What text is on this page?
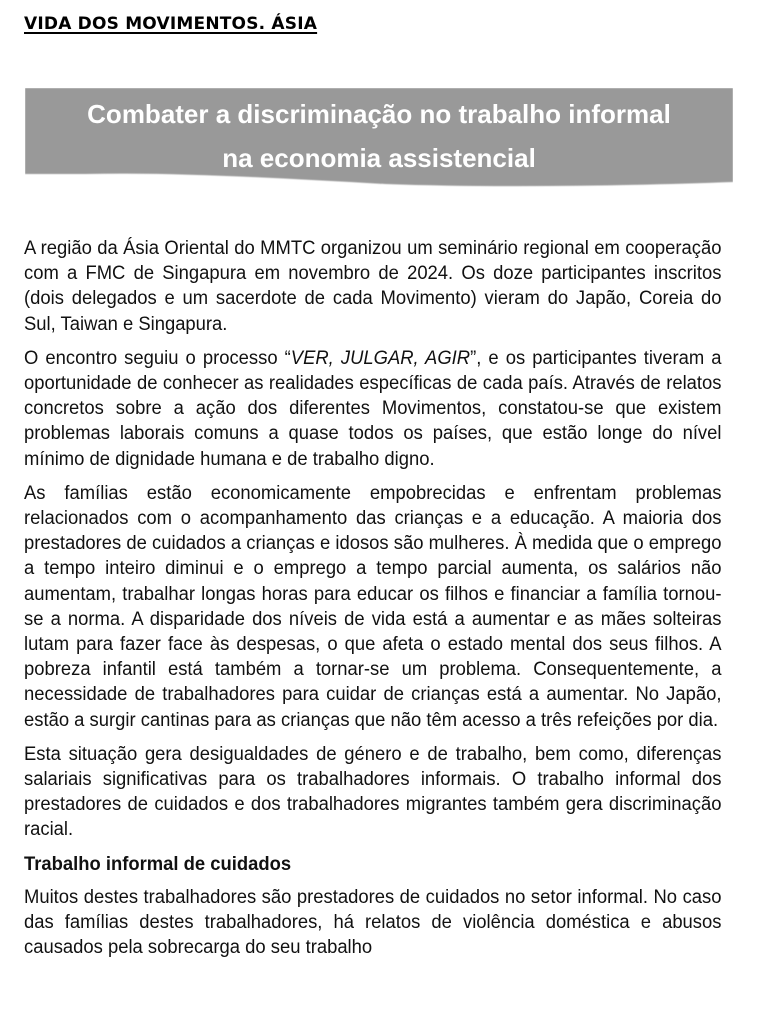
VIDA DOS MOVIMENTOS. ÁSIA
Combater a discriminação no trabalho informal
na economia assistencial

A região da Ásia Oriental do MMTC organizou um seminário regional em cooperação com a FMC de Singapura em novembro de 2024. Os doze participantes inscritos (dois delegados e um sacerdote de cada Movimento) vieram do Japão, Coreia do Sul, Taiwan e Singapura.

O encontro seguiu o processo “VER, JULGAR, AGIR”, e os participantes tiveram a oportunidade de conhecer as realidades específicas de cada país. Através de relatos concretos sobre a ação dos diferentes Movimentos, constatou-se que existem problemas laborais comuns a quase todos os países, que estão longe do nível mínimo de dignidade humana e de trabalho digno.

As famílias estão economicamente empobrecidas e enfrentam problemas relacionados com o acompanhamento das crianças e a educação. A maioria dos prestadores de cuidados a crianças e idosos são mulheres. À medida que o emprego a tempo inteiro diminui e o emprego a tempo parcial aumenta, os salários não aumentam, trabalhar longas horas para educar os filhos e financiar a família tornou-se a norma. A disparidade dos níveis de vida está a aumentar e as mães solteiras lutam para fazer face às despesas, o que afeta o estado mental dos seus filhos. A pobreza infantil está também a tornar-se um problema. Consequentemente, a necessidade de trabalhadores para cuidar de crianças está a aumentar. No Japão, estão a surgir cantinas para as crianças que não têm acesso a três refeições por dia.

Esta situação gera desigualdades de género e de trabalho, bem como, diferenças salariais significativas para os trabalhadores informais. O trabalho informal dos prestadores de cuidados e dos trabalhadores migrantes também gera discriminação racial.

Trabalho informal de cuidados

Muitos destes trabalhadores são prestadores de cuidados no setor informal. No caso das famílias destes trabalhadores, há relatos de violência doméstica e abusos causados pela sobrecarga do seu trabalho
